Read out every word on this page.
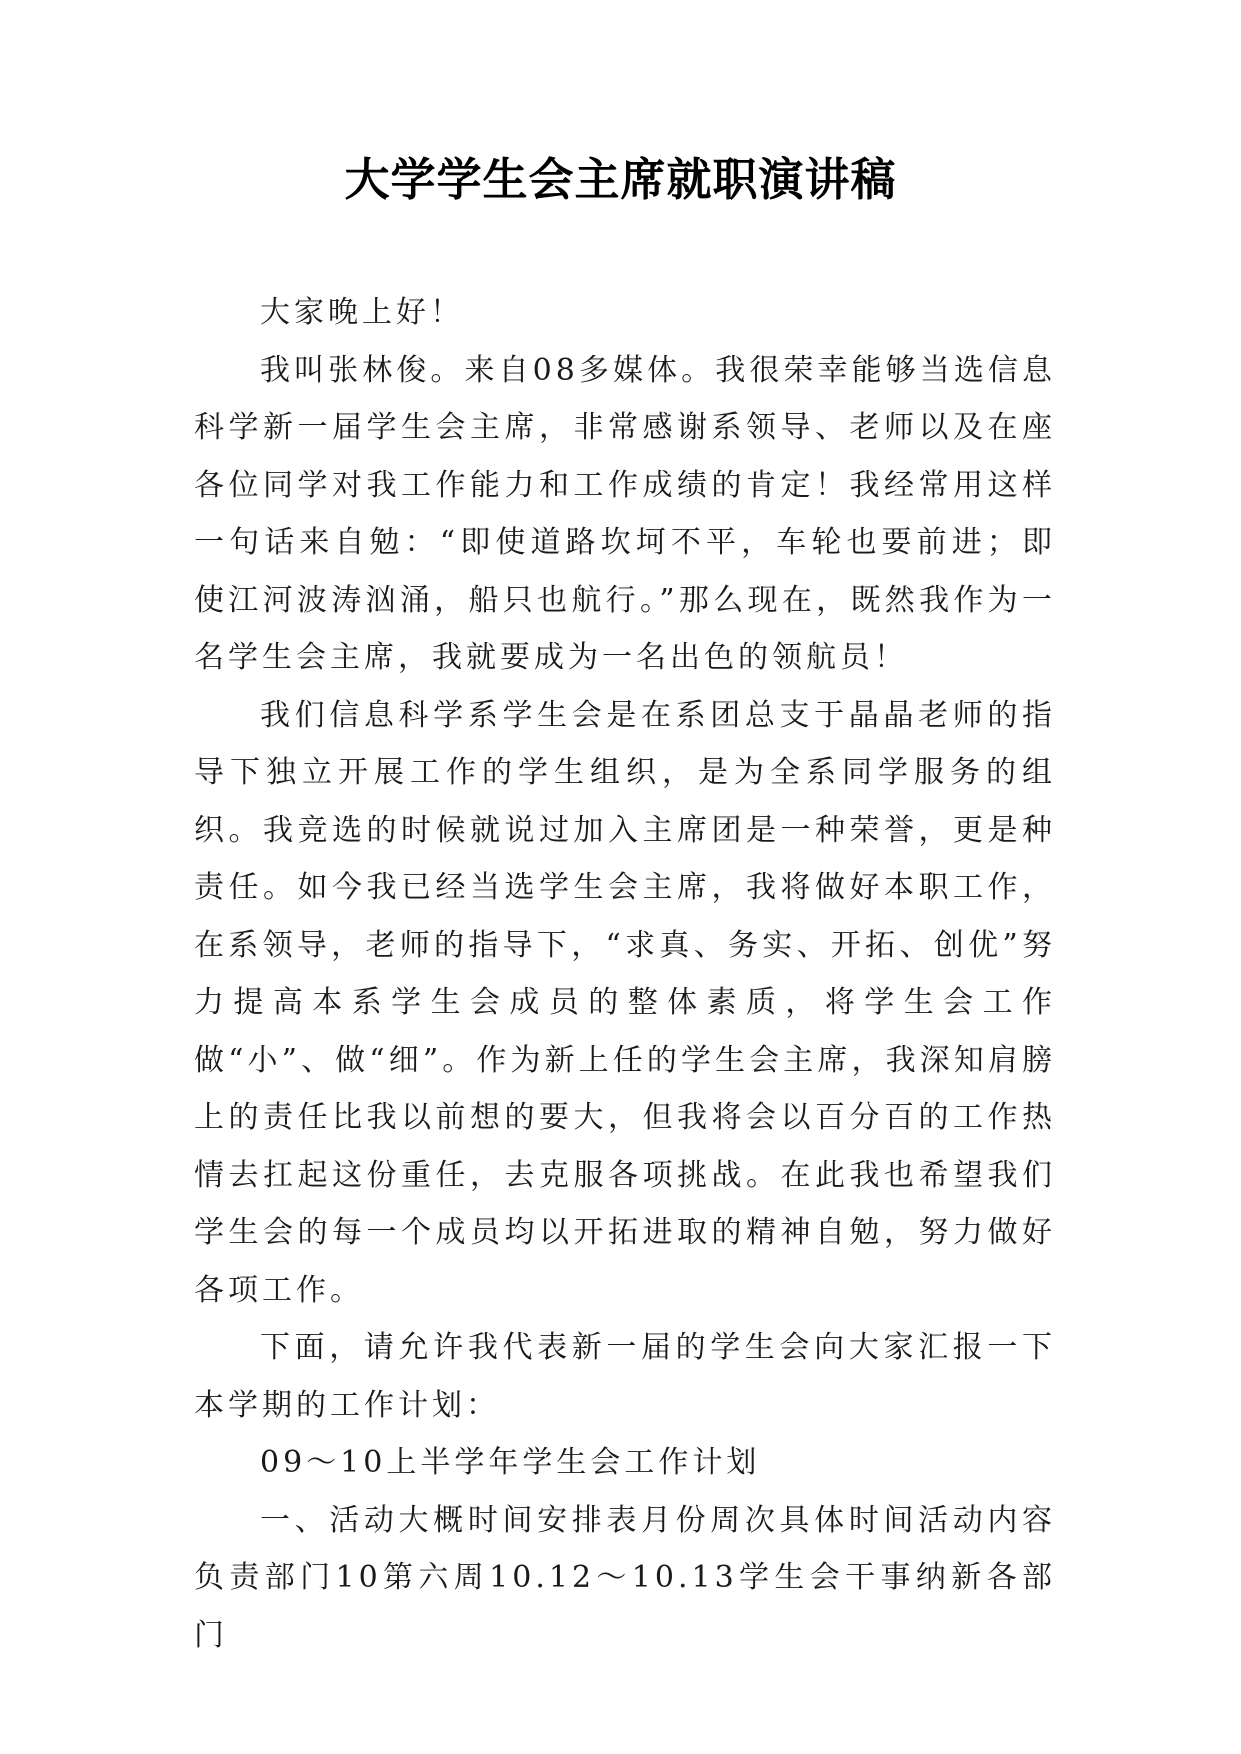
大学学生会主席就职演讲稿

大家晚上好！

我叫张林俊。来自08多媒体。我很荣幸能够当选信息科学新一届学生会主席，非常感谢系领导、老师以及在座各位同学对我工作能力和工作成绩的肯定！我经常用这样一句话来自勉：“即使道路坎坷不平，车轮也要前进；即使江河波涛汹涌，船只也航行。”那么现在，既然我作为一名学生会主席，我就要成为一名出色的领航员！

我们信息科学系学生会是在系团总支于晶晶老师的指导下独立开展工作的学生组织，是为全系同学服务的组织。我竞选的时候就说过加入主席团是一种荣誉，更是种责任。如今我已经当选学生会主席，我将做好本职工作，在系领导，老师的指导下，“求真、务实、开拓、创优”努力提高本系学生会成员的整体素质，将学生会工作做“小”、做“细”。作为新上任的学生会主席，我深知肩膀上的责任比我以前想的要大，但我将会以百分百的工作热情去扛起这份重任，去克服各项挑战。在此我也希望我们学生会的每一个成员均以开拓进取的精神自勉，努力做好各项工作。

下面，请允许我代表新一届的学生会向大家汇报一下本学期的工作计划：

09～10上半学年学生会工作计划

一、活动大概时间安排表月份周次具体时间活动内容负责部门10第六周10.12～10.13学生会干事纳新各部门
